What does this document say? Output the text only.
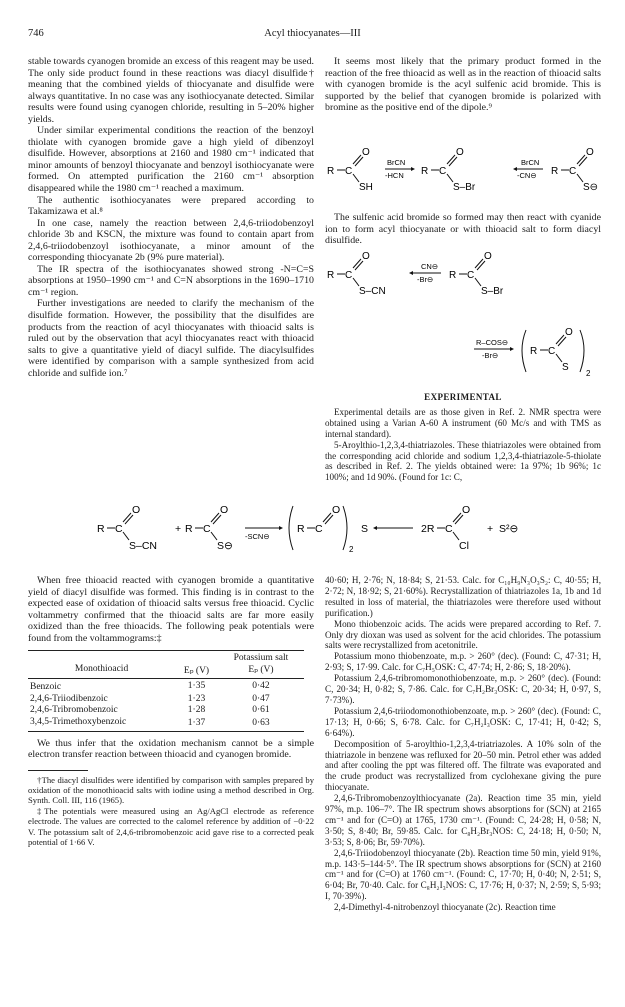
746	Acyl thiocyanates—III

stable towards cyanogen bromide an excess of this reagent may be used. The only side product found in these reactions was diacyl disulfide† meaning that the combined yields of thiocyanate and disulfide were always quantitative. In no case was any isothiocyanate detected. Similar results were found using cyanogen chloride, resulting in 5–20% higher yields.

Under similar experimental conditions the reaction of the benzoyl thiolate with cyanogen bromide gave a high yield of dibenzoyl disulfide. However, absorptions at 2160 and 1980 cm⁻¹ indicated that minor amounts of benzoyl thiocyanate and benzoyl isothiocyanate were formed. On attempted purification the 2160 cm⁻¹ absorption disappeared while the 1980 cm⁻¹ reached a maximum.

The authentic isothiocyanates were prepared according to Takamizawa et al.⁸

In one case, namely the reaction between 2,4,6-triiodobenzoyl chloride 3b and KSCN, the mixture was found to contain apart from 2,4,6-triiodobenzoyl isothiocyanate, a minor amount of the corresponding thiocyanate 2b (9% pure material).

The IR spectra of the isothiocyanates showed strong -N=C=S absorptions at 1950–1990 cm⁻¹ and C=N absorptions in the 1690–1710 cm⁻¹ region.

Further investigations are needed to clarify the mechanism of the disulfide formation. However, the possibility that the disulfides are products from the reaction of acyl thiocyanates with thioacid salts is ruled out by the observation that acyl thiocyanates react with thioacid salts to give a quantitative yield of diacyl sulfide. The diacylsulfides were identified by comparison with a sample synthesized from acid chloride and sulfide ion.⁷

It seems most likely that the primary product formed in the reaction of the free thioacid as well as in the reaction of thioacid salts with cyanogen bromide is the acyl sulfenic acid bromide. This is supported by the belief that cyanogen bromide is polarized with bromine as the positive end of the dipole.⁹

R C
O
SH
BrCN
-HCN R C
O
S–Br
BrCN
-CN⊖ R C
O
S⊖

The sulfenic acid bromide so formed may then react with cyanide ion to form acyl thiocyanate or with thioacid salt to form diacyl disulfide.

R C
O
S–CN
CN⊖
-Br⊖ R C
O
S–Br
R–COS⊖
-Br⊖	R C
O
S
2
EXPERIMENTAL

Experimental details are as those given in Ref. 2. NMR spectra were obtained using a Varian A-60 A instrument (60 Mc/s and with TMS as internal standard).

5-Aroylthio-1,2,3,4-thiatriazoles. These thiatriazoles were obtained from the corresponding acid chloride and sodium 1,2,3,4-thiatriazole-5-thiolate as described in Ref. 2. The yields obtained were: 1a 97%; 1b 96%; 1c 100%; and 1d 90%. (Found for 1c: C,

R C
O
S–CN
+ R C
O
S⊖
-SCN⊖
R C
O
2
S	2R C
O
Cl
+ S²⊖

When free thioacid reacted with cyanogen bromide a quantitative yield of diacyl disulfide was formed. This finding is in contrast to the expected ease of oxidation of thioacid salts versus free thioacid. Cyclic voltammetry confirmed that the thioacid salts are far more easily oxidized than the free thioacids. The following peak potentials were found from the voltammograms:‡

Monothioacid		Potassium salt
	Eₚ (V)	Eₚ (V)
Benzoic	1·35	0·42
2,4,6-Triiodibenzoic	1·23	0·47
2,4,6-Tribromobenzoic	1·28	0·61
3,4,5-Trimethoxybenzoic	1·37	0·63

We thus infer that the oxidation mechanism cannot be a simple electron transfer reaction between thioacid and cyanogen bromide.

†The diacyl disulfides were identified by comparison with samples prepared by oxidation of the monothioacid salts with iodine using a method described in Org. Synth. Coll. III, 116 (1965).

‡The potentials were measured using an Ag/AgCl electrode as reference electrode. The values are corrected to the calomel reference by addition of −0·22 V. The potassium salt of 2,4,6-tribromobenzoic acid gave rise to a corrected peak potential of 1·66 V.

40·60; H, 2·76; N, 18·84; S, 21·53. Calc. for C₁₀H₉N₃O₃S₂: C, 40·55; H, 2·72; N, 18·92; S, 21·60%). Recrystallization of thiatriazoles 1a, 1b and 1d resulted in loss of material, the thiatriazoles were therefore used without purification.)

Mono thiobenzoic acids. The acids were prepared according to Ref. 7. Only dry dioxan was used as solvent for the acid chlorides. The potassium salts were recrystallized from acetonitrile.

Potassium mono thiobenzoate, m.p. > 260° (dec). (Found: C, 47·31; H, 2·93; S, 17·99. Calc. for C₇H₅OSK: C, 47·74; H, 2·86; S, 18·20%).

Potassium 2,4,6-tribromomonothiobenzoate, m.p. > 260° (dec). (Found: C, 20·34; H, 0·82; S, 7·86. Calc. for C₇H₂Br₃OSK: C, 20·34; H, 0·97, S, 7·73%).

Potassium 2,4,6-triiodomonothiobenzoate, m.p. > 260° (dec). (Found: C, 17·13; H, 0·66; S, 6·78. Calc. for C₇H₂I₃OSK: C, 17·41; H, 0·42; S, 6·64%).

Decomposition of 5-aroylthio-1,2,3,4-triatriazoles. A 10% soln of the thiatriazole in benzene was refluxed for 20–50 min. Petrol ether was added and after cooling the ppt was filtered off. The filtrate was evaporated and the crude product was recrystallized from cyclohexane giving the pure thiocyanate.

2,4,6-Tribromobenzoylthiocyanate (2a). Reaction time 35 min, yield 97%, m.p. 106–7°. The IR spectrum shows absorptions for (SCN) at 2165 cm⁻¹ and for (C=O) at 1765, 1730 cm⁻¹. (Found: C, 24·28; H, 0·58; N, 3·50; S, 8·40; Br, 59·85. Calc. for C₈H₂Br₃NOS: C, 24·18; H, 0·50; N, 3·53; S, 8·06; Br, 59·70%).

2,4,6-Triiodobenzoyl thiocyanate (2b). Reaction time 50 min, yield 91%, m.p. 143·5–144·5°. The IR spectrum shows absorptions for (SCN) at 2160 cm⁻¹ and for (C=O) at 1760 cm⁻¹. (Found: C, 17·70; H, 0·40; N, 2·51; S, 6·04; Br, 70·40. Calc. for C₈H₂I₃NOS: C, 17·76; H, 0·37; N, 2·59; S, 5·93; I, 70·39%).

2,4-Dimethyl-4-nitrobenzoyl thiocyanate (2c). Reaction time
